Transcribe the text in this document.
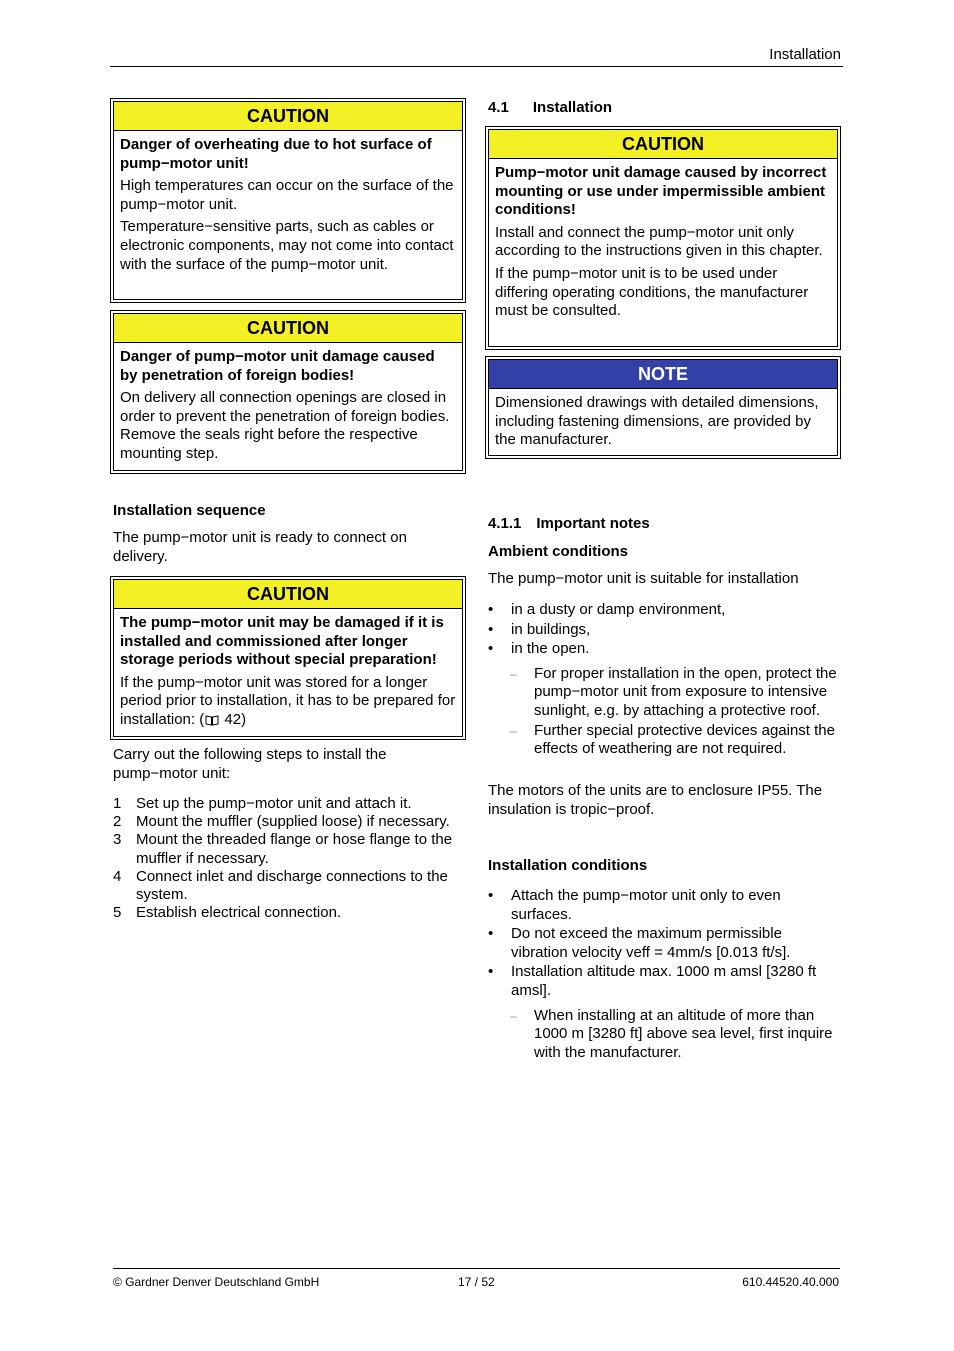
Installation
CAUTION

Danger of overheating due to hot surface of pump−motor unit!

High temperatures can occur on the surface of the pump−motor unit.

Temperature−sensitive parts, such as cables or electronic components, may not come into contact with the surface of the pump−motor unit.

CAUTION

Danger of pump−motor unit damage caused by penetration of foreign bodies!

On delivery all connection openings are closed in order to prevent the penetration of foreign bodies. Remove the seals right before the respective mounting step.

Installation sequence
The pump−motor unit is ready to connect on delivery.
CAUTION

The pump−motor unit may be damaged if it is installed and commissioned after longer storage periods without special preparation!

If the pump−motor unit was stored for a longer period prior to installation, it has to be prepared for installation: ( 42)

Carry out the following steps to install the pump−motor unit:
1 Set up the pump−motor unit and attach it.
2 Mount the muffler (supplied loose) if necessary.
3 Mount the threaded flange or hose flange to the muffler if necessary.
4 Connect inlet and discharge connections to the system.
5 Establish electrical connection.
4.1 Installation
CAUTION

Pump−motor unit damage caused by incorrect mounting or use under impermissible ambient conditions!

Install and connect the pump−motor unit only according to the instructions given in this chapter.

If the pump−motor unit is to be used under differing operating conditions, the manufacturer must be consulted.

NOTE

Dimensioned drawings with detailed dimensions, including fastening dimensions, are provided by the manufacturer.

4.1.1 Important notes
Ambient conditions
The pump−motor unit is suitable for installation
• in a dusty or damp environment,
• in buildings,
• in the open.
– For proper installation in the open, protect the pump−motor unit from exposure to intensive sunlight, e.g. by attaching a protective roof.
– Further special protective devices against the effects of weathering are not required.
The motors of the units are to enclosure IP55. The insulation is tropic−proof.
Installation conditions
• Attach the pump−motor unit only to even surfaces.
• Do not exceed the maximum permissible vibration velocity veff = 4mm/s [0.013 ft/s].
• Installation altitude max. 1000 m amsl [3280 ft amsl].
– When installing at an altitude of more than 1000 m [3280 ft] above sea level, first inquire with the manufacturer.
© Gardner Denver Deutschland GmbH	17 / 52	610.44520.40.000
